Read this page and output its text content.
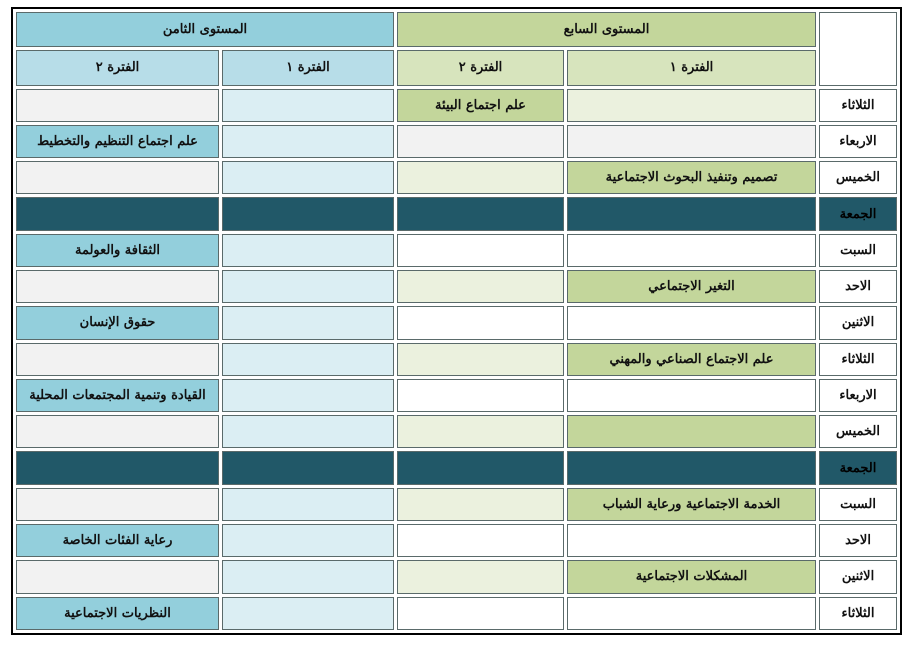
المستوى الثامن		المستوى السابع		
الفترة ٢	الفترة ١	الفترة ٢	الفترة ١	
		علم اجتماع البيئة		الثلاثاء
علم اجتماع التنظيم والتخطيط				الاربعاء
			تصميم وتنفيذ البحوث الاجتماعية	الخميس
				الجمعة
الثقافة والعولمة				السبت
			التغير الاجتماعي	الاحد
حقوق الإنسان				الاثنين
			علم الاجتماع الصناعي والمهني	الثلاثاء
القيادة وتنمية المجتمعات المحلية				الاربعاء
				الخميس
				الجمعة
			الخدمة الاجتماعية ورعاية الشباب	السبت
رعاية الفئات الخاصة				الاحد
			المشكلات الاجتماعية	الاثنين
النظريات الاجتماعية				الثلاثاء
